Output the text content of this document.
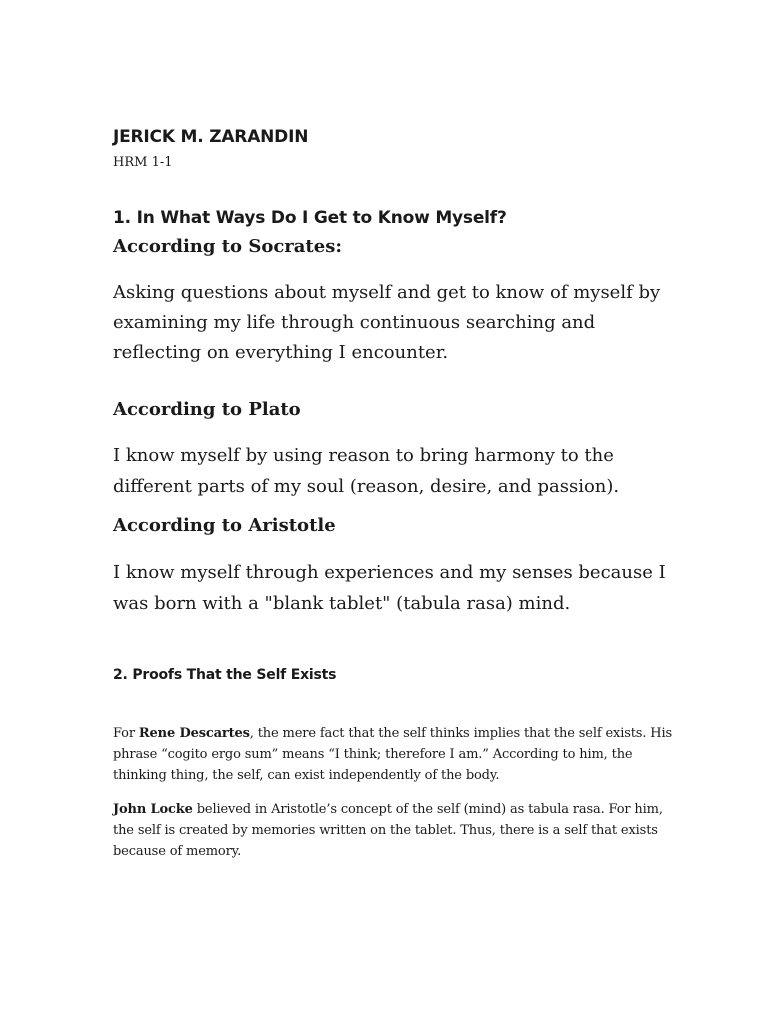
JERICK M. ZARANDIN

HRM 1-1

1. In What Ways Do I Get to Know Myself?

According to Socrates:

Asking questions about myself and get to know of myself by examining my life through continuous searching and reflecting on everything I encounter.

According to Plato

I know myself by using reason to bring harmony to the different parts of my soul (reason, desire, and passion).

According to Aristotle

I know myself through experiences and my senses because I was born with a "blank tablet" (tabula rasa) mind.

2. Proofs That the Self Exists

For Rene Descartes, the mere fact that the self thinks implies that the self exists. His phrase “cogito ergo sum” means “I think; therefore I am.” According to him, the thinking thing, the self, can exist independently of the body.

John Locke believed in Aristotle’s concept of the self (mind) as tabula rasa. For him, the self is created by memories written on the tablet. Thus, there is a self that exists because of memory.
